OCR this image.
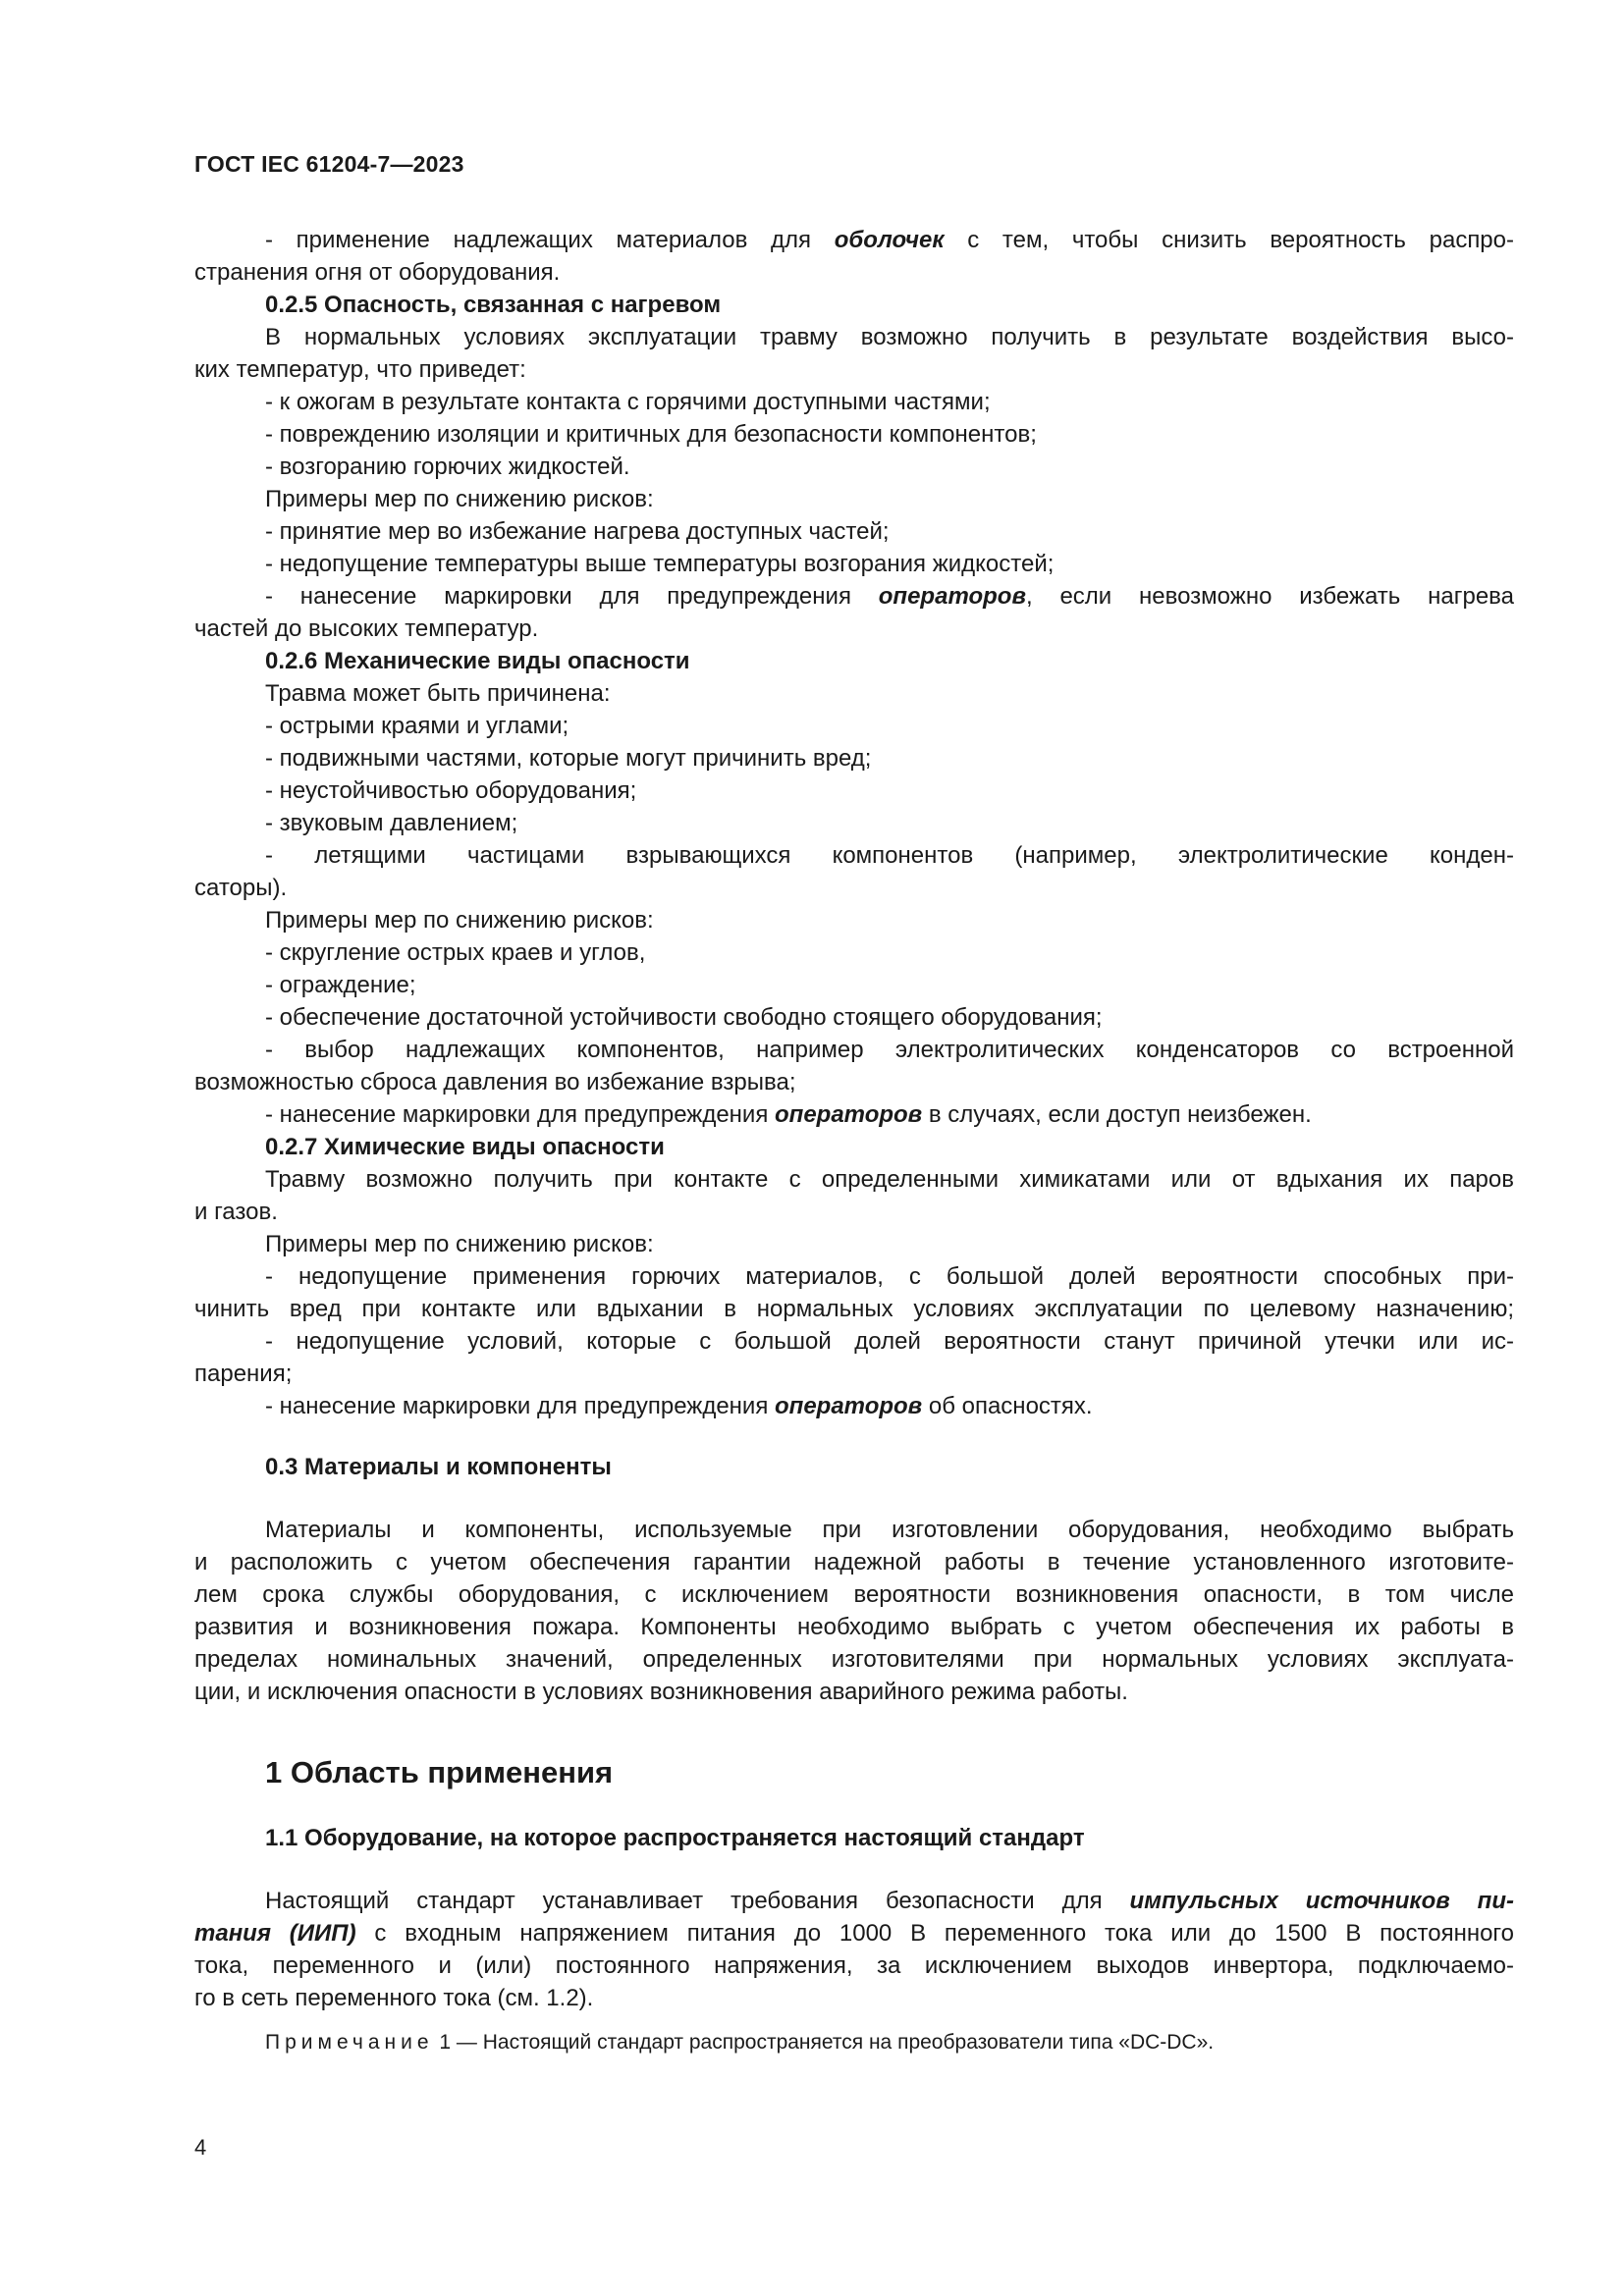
ГОСТ IEC 61204-7—2023
- применение надлежащих материалов для оболочек с тем, чтобы снизить вероятность распро-
странения огня от оборудования.
0.2.5 Опасность, связанная с нагревом
В нормальных условиях эксплуатации травму возможно получить в результате воздействия высо-
ких температур, что приведет:
- к ожогам в результате контакта с горячими доступными частями;
- повреждению изоляции и критичных для безопасности компонентов;
- возгоранию горючих жидкостей.
Примеры мер по снижению рисков:
- принятие мер во избежание нагрева доступных частей;
- недопущение температуры выше температуры возгорания жидкостей;
- нанесение маркировки для предупреждения операторов, если невозможно избежать нагрева
частей до высоких температур.
0.2.6 Механические виды опасности
Травма может быть причинена:
- острыми краями и углами;
- подвижными частями, которые могут причинить вред;
- неустойчивостью оборудования;
- звуковым давлением;
- летящими частицами взрывающихся компонентов (например, электролитические конден-
саторы).
Примеры мер по снижению рисков:
- скругление острых краев и углов,
- ограждение;
- обеспечение достаточной устойчивости свободно стоящего оборудования;
- выбор надлежащих компонентов, например электролитических конденсаторов со встроенной
возможностью сброса давления во избежание взрыва;
- нанесение маркировки для предупреждения операторов в случаях, если доступ неизбежен.
0.2.7 Химические виды опасности
Травму возможно получить при контакте с определенными химикатами или от вдыхания их паров
и газов.
Примеры мер по снижению рисков:
- недопущение применения горючих материалов, с большой долей вероятности способных при-
чинить вред при контакте или вдыхании в нормальных условиях эксплуатации по целевому назначению;
- недопущение условий, которые с большой долей вероятности станут причиной утечки или ис-
парения;
- нанесение маркировки для предупреждения операторов об опасностях.
0.3 Материалы и компоненты
Материалы и компоненты, используемые при изготовлении оборудования, необходимо выбрать
и расположить с учетом обеспечения гарантии надежной работы в течение установленного изготовите-
лем срока службы оборудования, с исключением вероятности возникновения опасности, в том числе
развития и возникновения пожара. Компоненты необходимо выбрать с учетом обеспечения их работы в
пределах номинальных значений, определенных изготовителями при нормальных условиях эксплуата-
ции, и исключения опасности в условиях возникновения аварийного режима работы.
1 Область применения
1.1 Оборудование, на которое распространяется настоящий стандарт
Настоящий стандарт устанавливает требования безопасности для импульсных источников пи-
тания (ИИП) с входным напряжением питания до 1000 В переменного тока или до 1500 В постоянного
тока, переменного и (или) постоянного напряжения, за исключением выходов инвертора, подключаемо-
го в сеть переменного тока (см. 1.2).
Примечание 1 — Настоящий стандарт распространяется на преобразователи типа «DC-DC».
4
